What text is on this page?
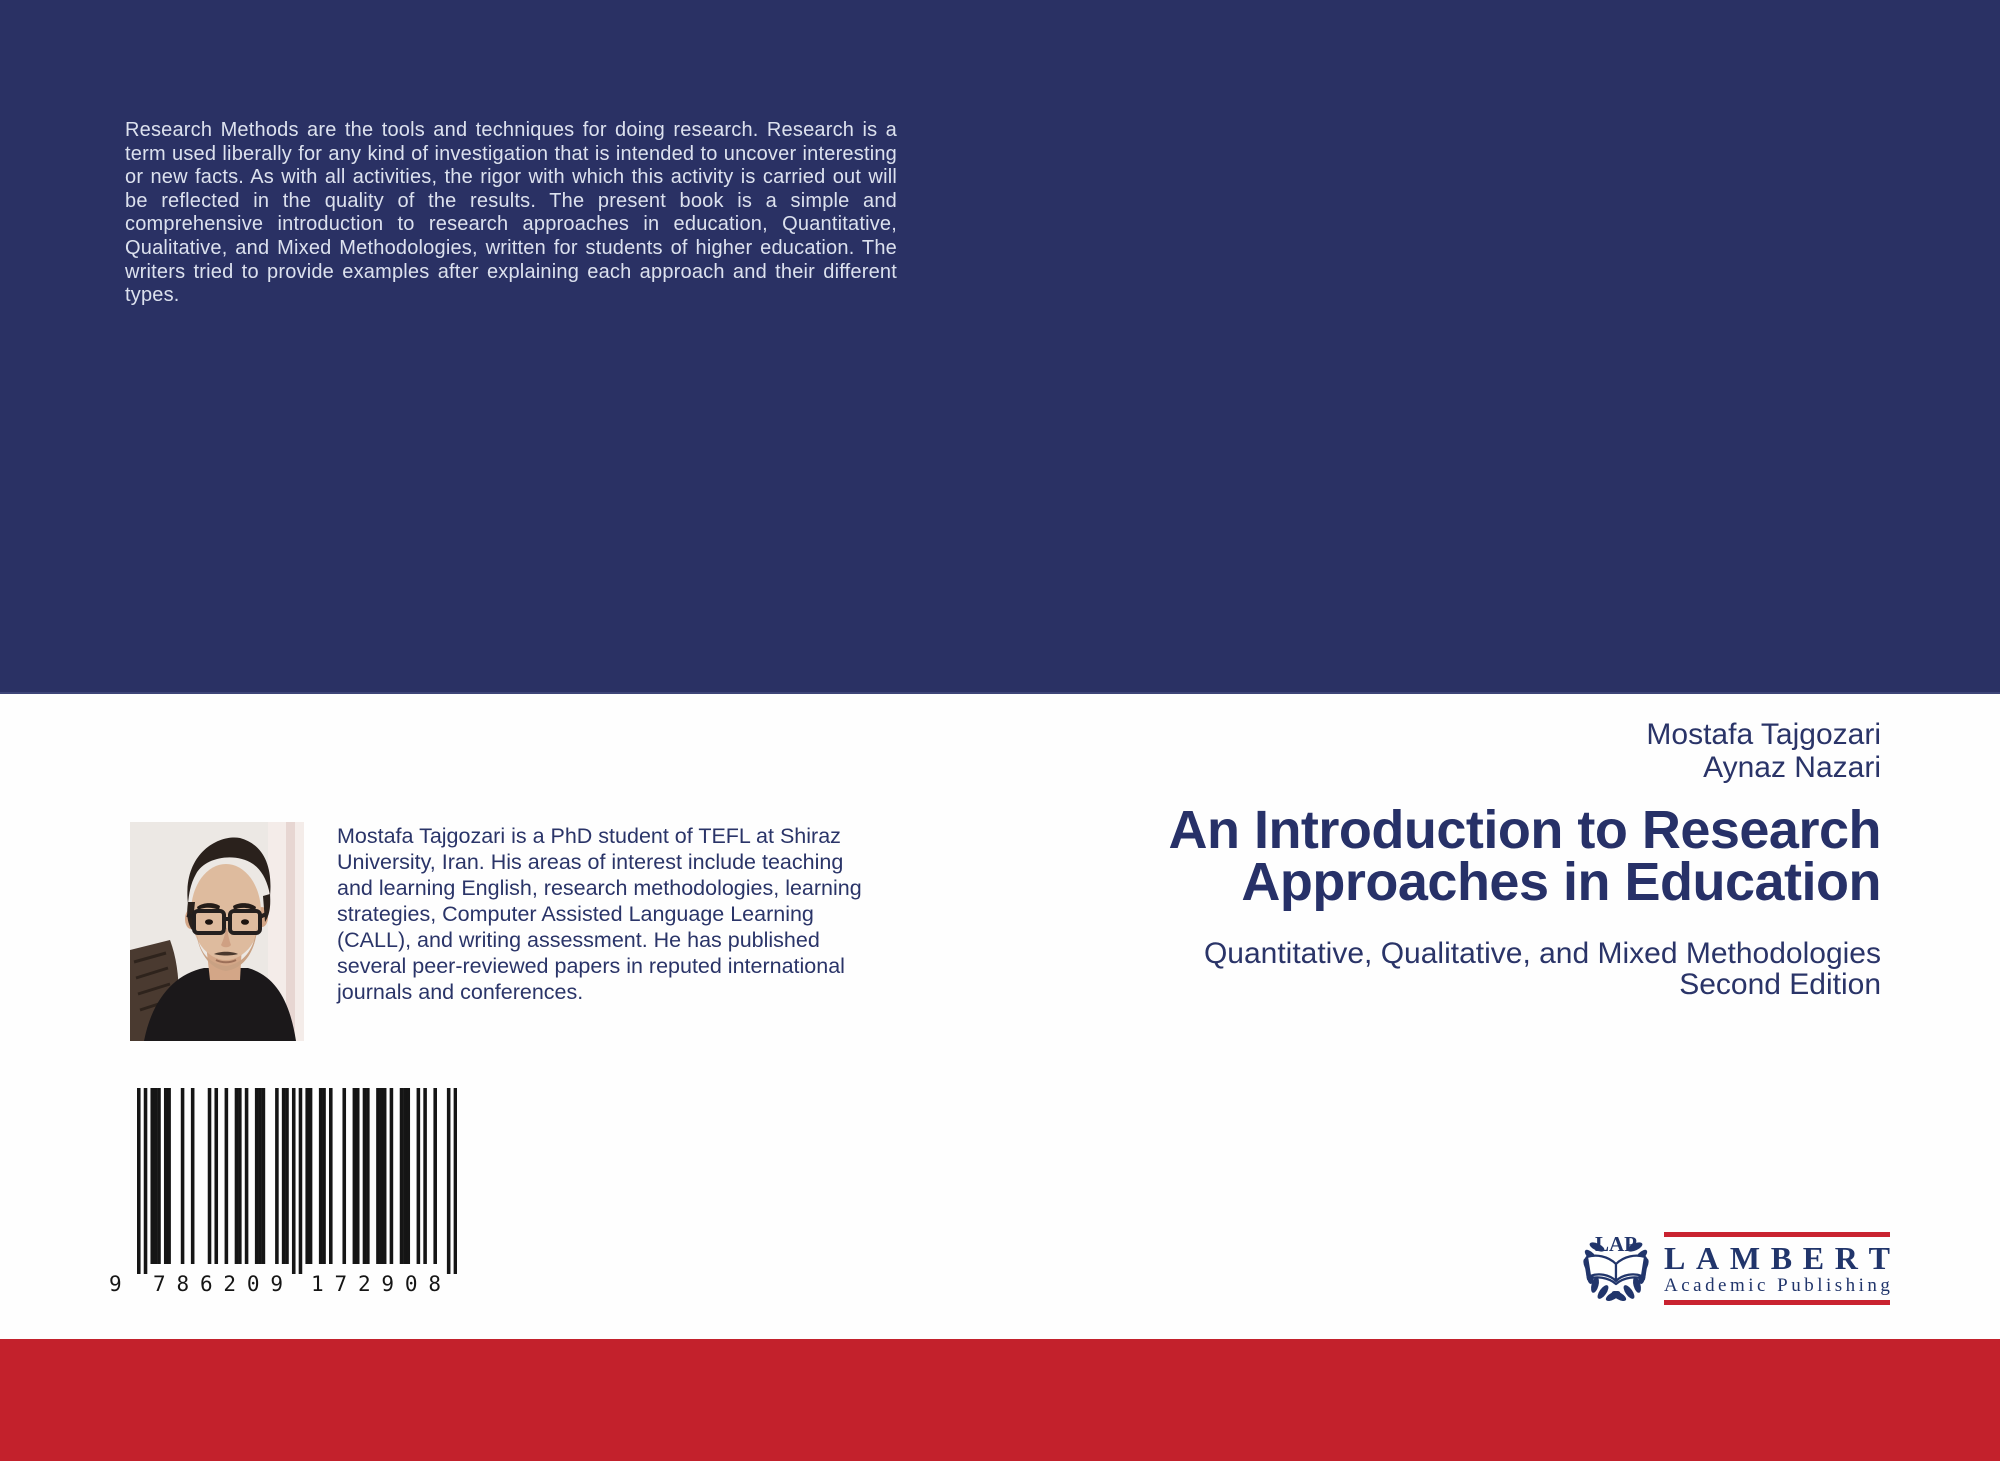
Research Methods are the tools and techniques for doing research. Research is a term used liberally for any kind of investigation that is intended to uncover interesting or new facts. As with all activities, the rigor with which this activity is carried out will be reflected in the quality of the results. The present book is a simple and comprehensive introduction to research approaches in education, Quantitative, Qualitative, and Mixed Methodologies, written for students of higher education. The writers tried to provide examples after explaining each approach and their different types.
Mostafa Tajgozari
Aynaz Nazari
An Introduction to Research
Approaches in Education
Quantitative, Qualitative, and Mixed Methodologies
Second Edition
Mostafa Tajgozari is a PhD student of TEFL at Shiraz University, Iran. His areas of interest include teaching and learning English, research methodologies, learning strategies, Computer Assisted Language Learning (CALL), and writing assessment. He has published several peer-reviewed papers in reputed international journals and conferences.
9 786209 172908
LAP L A M B E R T
A c a d e m i c
P u b l i s h i n g
